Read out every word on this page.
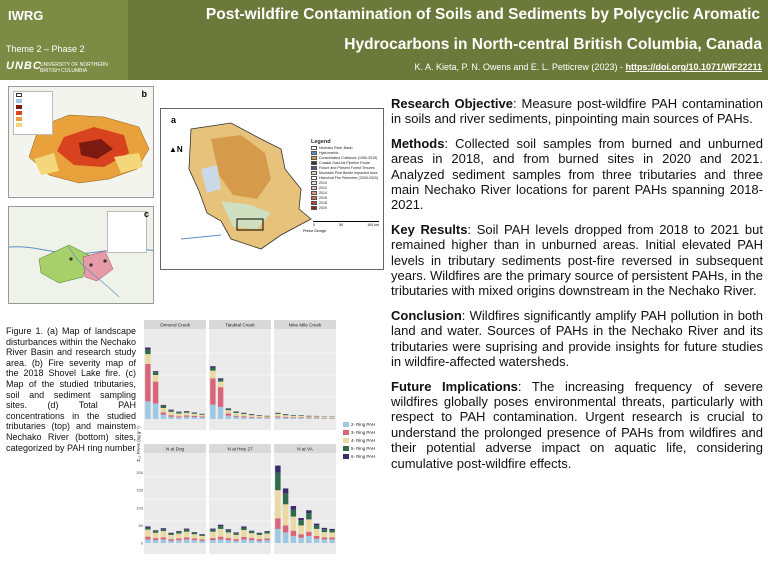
IWRG
Theme 2 – Phase 2
UNBC
UNIVERSITY OF NORTHERN BRITISH COLUMBIA
Post-wildfire Contamination of Soils and Sediments by Polycyclic Aromatic
Hydrocarbons in North-central British Columbia, Canada
K. A. Kieta, P. N. Owens and E. L. Petticrew (2023) - https://doi.org/10.1071/WF22211
b
c
a
▲N
Legend
Nechako River Basin
Hydrometric
Consolidated Cutblocks (1950-2019)
Coastal GasLink Pipeline Route
Future and Present Forest Tenures
Mountain Pine Beetle Impacted Area
Historical Fire Perimeter (2009-2020)
2010
2012
2014
2016
2018
2020
0	50	100 km
Prince George
Figure 1. (a) Map of landscape disturbances within the Nechako River Basin and research study area. (b) Fire severity map of the 2018 Shovel Lake fire. (c) Map of the studied tributaries, soil and sediment sampling sites. (d) Total PAH concentrations in the studied tributaries (top) and mainstem Nechako River (bottom) sites, categorized by PAH ring number
Ormond Creek	Tatuktal Creek	Nine Mile Creek
N at Dog
0
50
100
150
200
N at Hwy 27	N at VA
Σ₁₅ PAHs (ng g⁻¹)
2- Ring PAH
3- Ring PAH
4- Ring PAH
5- Ring PAH
6- Ring PAH

Research Objective: Measure post-wildfire PAH contamination in soils and river sediments, pinpointing main sources of PAHs.

Methods: Collected soil samples from burned and unburned areas in 2018, and from burned sites in 2020 and 2021. Analyzed sediment samples from three tributaries and three main Nechako River locations for parent PAHs spanning 2018-2021.

Key Results: Soil PAH levels dropped from 2018 to 2021 but remained higher than in unburned areas. Initial elevated PAH levels in tributary sediments post-fire reversed in subsequent years. Wildfires are the primary source of persistent PAHs, in the tributaries with mixed origins downstream in the Nechako River.

Conclusion: Wildfires significantly amplify PAH pollution in both land and water. Sources of PAHs in the Nechako River and its tributaries were suprising and provide insights for future studies in wildfire-affected watersheds.

Future Implications: The increasing frequency of severe wildfires globally poses environmental threats, particularly with respect to PAH contamination. Urgent research is crucial to understand the prolonged presence of PAHs from wildfires and their potential adverse impact on aquatic life, considering cumulative post-wildfire effects.
